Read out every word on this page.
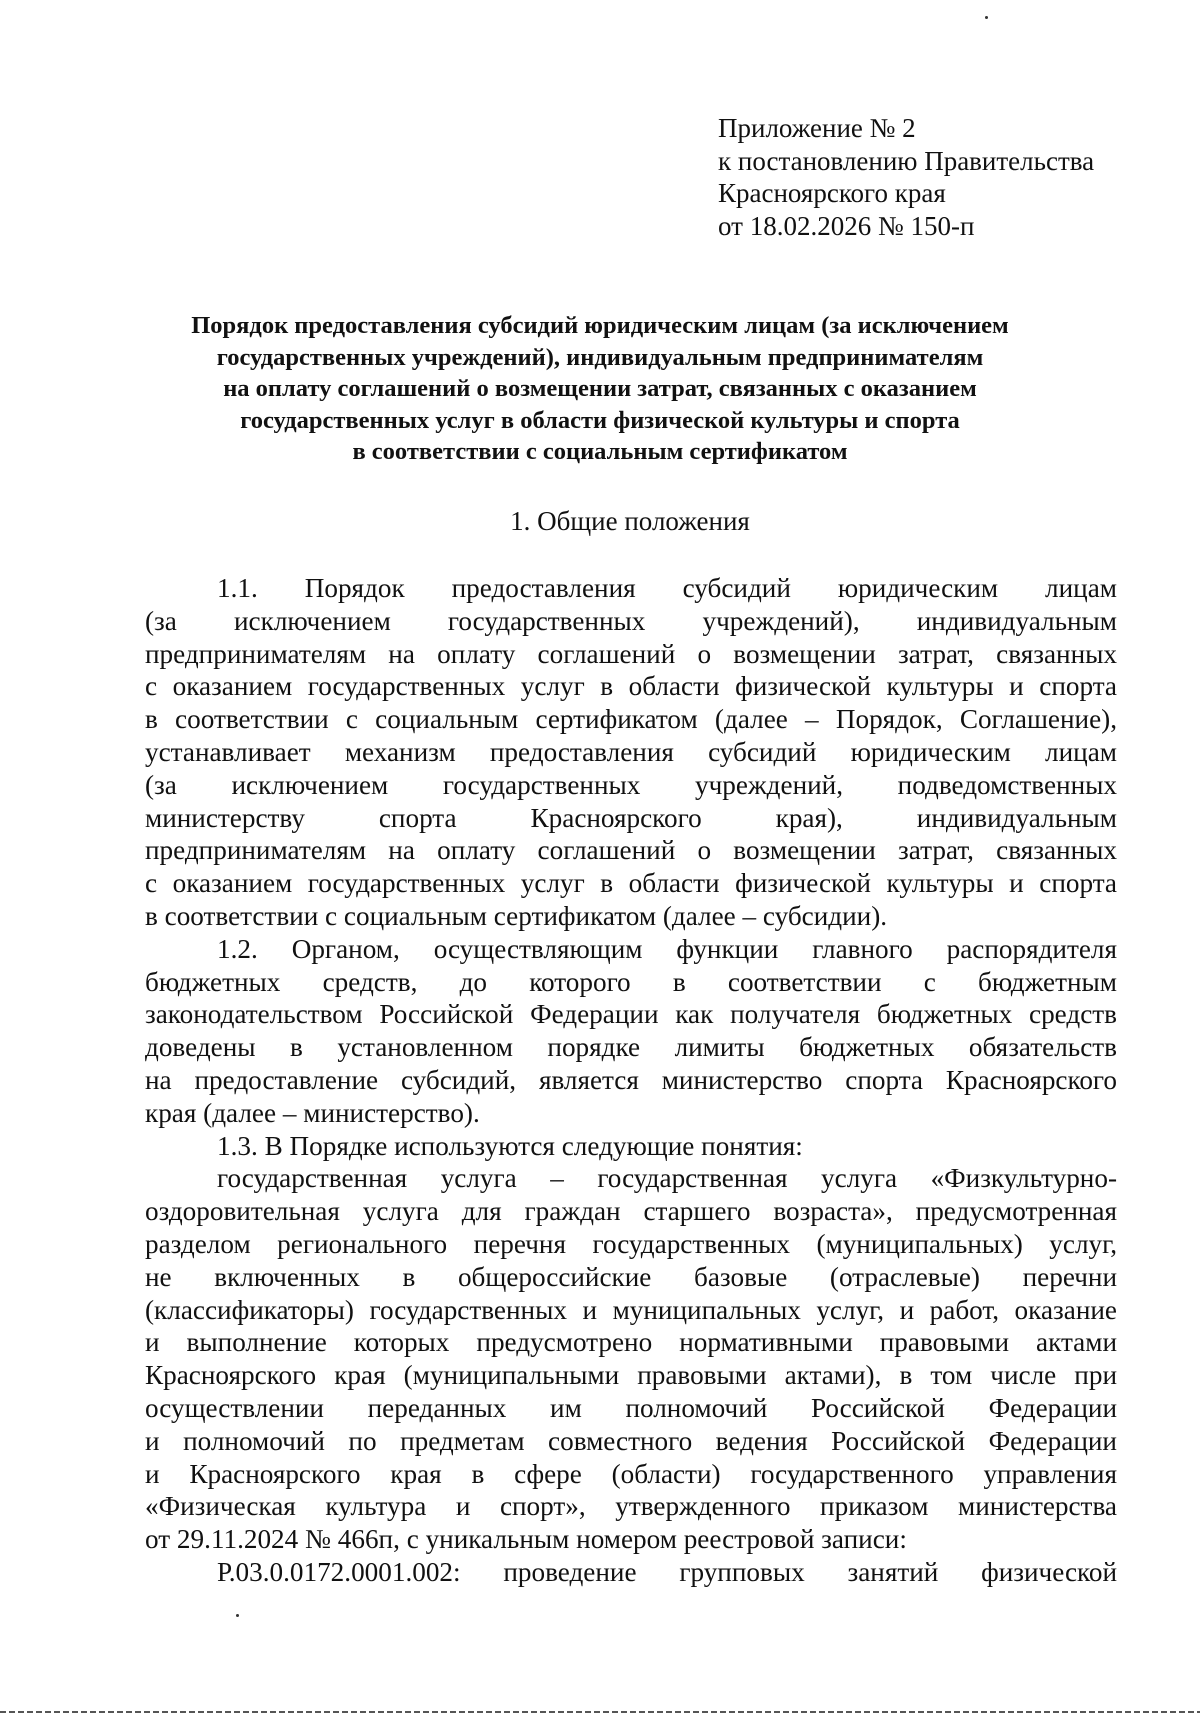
Приложение № 2
к постановлению Правительства
Красноярского края
от 18.02.2026 № 150-п
Порядок предоставления субсидий юридическим лицам (за исключением
государственных учреждений), индивидуальным предпринимателям
на оплату соглашений о возмещении затрат, связанных с оказанием
государственных услуг в области физической культуры и спорта
в соответствии с социальным сертификатом
1. Общие положения
1.1. Порядок предоставления субсидий юридическим лицам
(за исключением государственных учреждений), индивидуальным
предпринимателям на оплату соглашений о возмещении затрат, связанных
с оказанием государственных услуг в области физической культуры и спорта
в соответствии с социальным сертификатом (далее – Порядок, Соглашение),
устанавливает механизм предоставления субсидий юридическим лицам
(за исключением государственных учреждений, подведомственных
министерству спорта Красноярского края), индивидуальным
предпринимателям на оплату соглашений о возмещении затрат, связанных
с оказанием государственных услуг в области физической культуры и спорта
в соответствии с социальным сертификатом (далее – субсидии).
1.2. Органом, осуществляющим функции главного распорядителя
бюджетных средств, до которого в соответствии с бюджетным
законодательством Российской Федерации как получателя бюджетных средств
доведены в установленном порядке лимиты бюджетных обязательств
на предоставление субсидий, является министерство спорта Красноярского
края (далее – министерство).
1.3. В Порядке используются следующие понятия:
государственная услуга – государственная услуга «Физкультурно-
оздоровительная услуга для граждан старшего возраста», предусмотренная
разделом регионального перечня государственных (муниципальных) услуг,
не включенных в общероссийские базовые (отраслевые) перечни
(классификаторы) государственных и муниципальных услуг, и работ, оказание
и выполнение которых предусмотрено нормативными правовыми актами
Красноярского края (муниципальными правовыми актами), в том числе при
осуществлении переданных им полномочий Российской Федерации
и полномочий по предметам совместного ведения Российской Федерации
и Красноярского края в сфере (области) государственного управления
«Физическая культура и спорт», утвержденного приказом министерства
от 29.11.2024 № 466п, с уникальным номером реестровой записи:
Р.03.0.0172.0001.002: проведение групповых занятий физической
